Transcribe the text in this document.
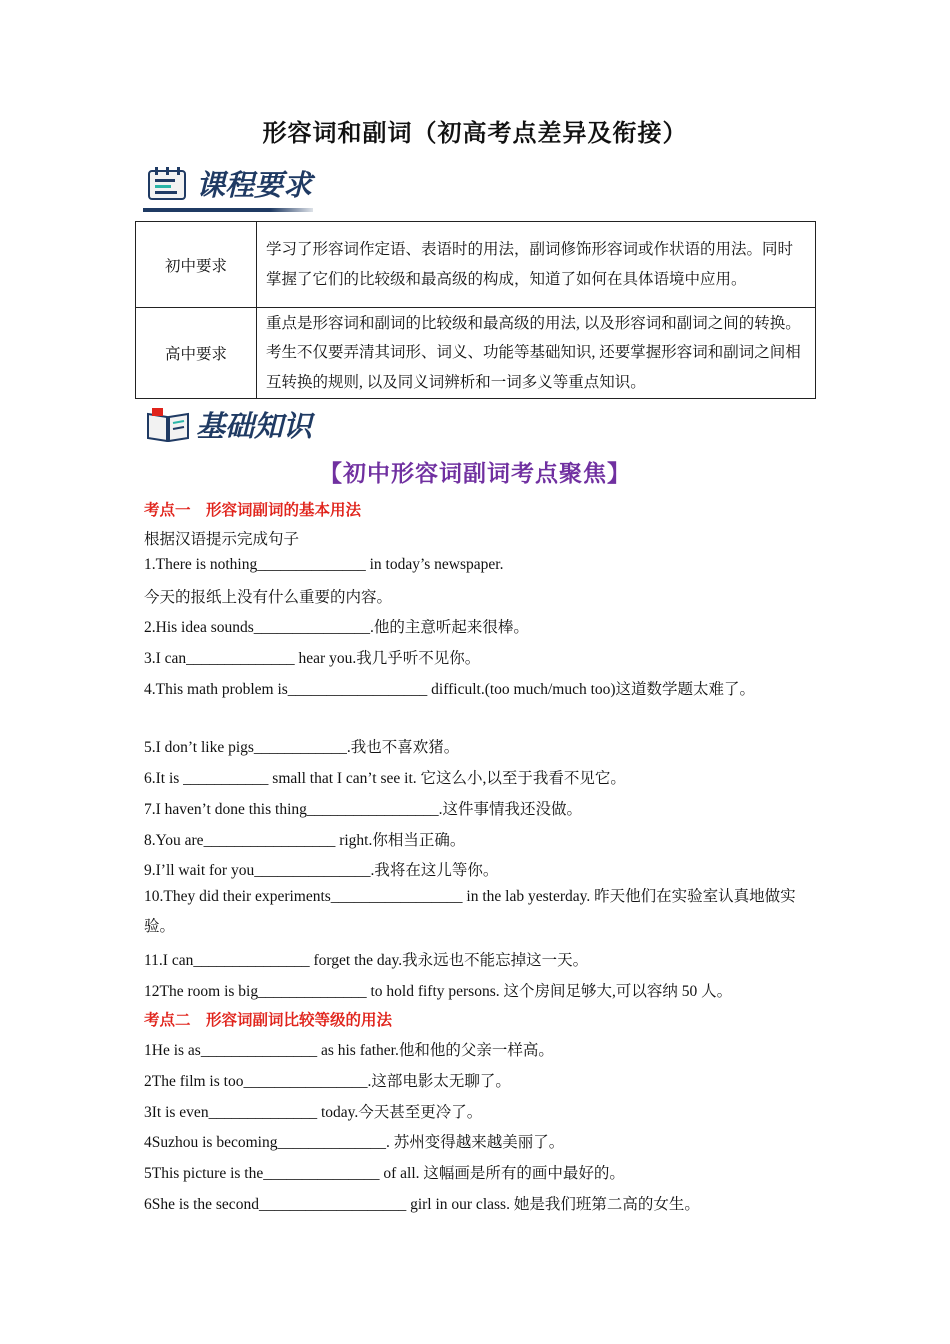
形容词和副词（初高考点差异及衔接）
课程要求
初中要求	学习了形容词作定语、表语时的用法，副词修饰形容词或作状语的用法。同时掌握了它们的比较级和最高级的构成，知道了如何在具体语境中应用。
高中要求	重点是形容词和副词的比较级和最高级的用法, 以及形容词和副词之间的转换。考生不仅要弄清其词形、词义、功能等基础知识, 还要掌握形容词和副词之间相互转换的规则, 以及同义词辨析和一词多义等重点知识。
基础知识
【初中形容词副词考点聚焦】
考点一　形容词副词的基本用法
根据汉语提示完成句子
1.There is nothing______________ in today’s newspaper.
今天的报纸上没有什么重要的内容。
2.His idea sounds_______________.他的主意听起来很棒。
3.I can______________ hear you.我几乎听不见你。
4.This math problem is__________________ difficult.(too much/much too)这道数学题太难了。
5.I don’t like pigs____________.我也不喜欢猪。
6.It is ___________ small that I can’t see it. 它这么小,以至于我看不见它。
7.I haven’t done this thing_________________.这件事情我还没做。
8.You are_________________ right.你相当正确。
9.I’ll wait for you_______________.我将在这儿等你。
10.They did their experiments_________________ in the lab yesterday. 昨天他们在实验室认真地做实验。
11.I can_______________ forget the day.我永远也不能忘掉这一天。
12The room is big______________ to hold fifty persons. 这个房间足够大,可以容纳 50 人。
考点二　形容词副词比较等级的用法
1He is as_______________ as his father.他和他的父亲一样高。
2The film is too________________.这部电影太无聊了。
3It is even______________ today.今天甚至更冷了。
4Suzhou is becoming______________. 苏州变得越来越美丽了。
5This picture is the_______________ of all. 这幅画是所有的画中最好的。
6She is the second___________________ girl in our class. 她是我们班第二高的女生。
